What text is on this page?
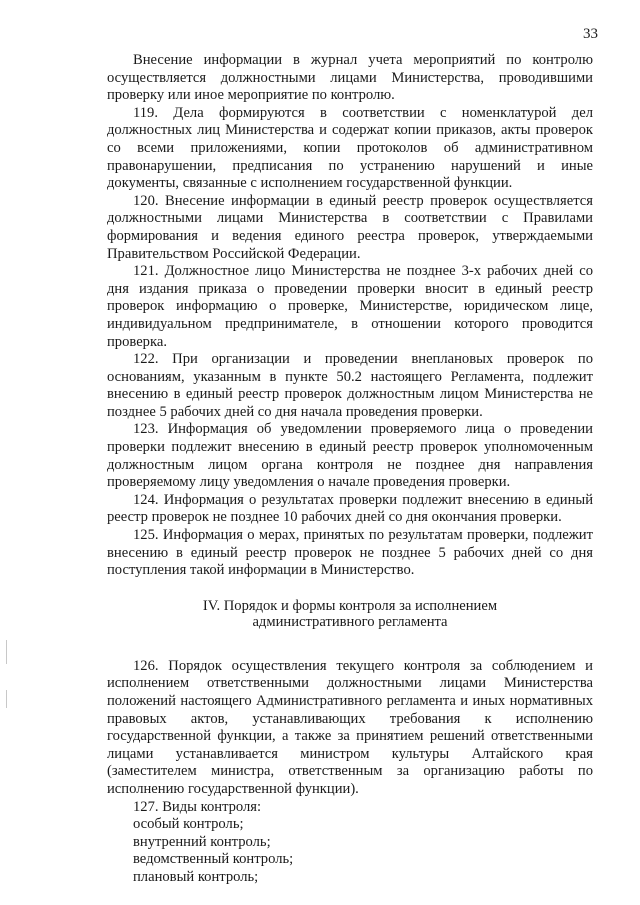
33

Внесение информации в журнал учета мероприятий по контролю осуществляется должностными лицами Министерства, проводившими проверку или иное мероприятие по контролю.

119. Дела формируются в соответствии с номенклатурой дел должностных лиц Министерства и содержат копии приказов, акты проверок со всеми приложениями, копии протоколов об административном правонарушении, предписания по устранению нарушений и иные документы, связанные с исполнением государственной функции.

120. Внесение информации в единый реестр проверок осуществляется должностными лицами Министерства в соответствии с Правилами формирования и ведения единого реестра проверок, утверждаемыми Правительством Российской Федерации.

121. Должностное лицо Министерства не позднее 3-х рабочих дней со дня издания приказа о проведении проверки вносит в единый реестр проверок информацию о проверке, Министерстве, юридическом лице, индивидуальном предпринимателе, в отношении которого проводится проверка.

122. При организации и проведении внеплановых проверок по основаниям, указанным в пункте 50.2 настоящего Регламента, подлежит внесению в единый реестр проверок должностным лицом Министерства не позднее 5 рабочих дней со дня начала проведения проверки.

123. Информация об уведомлении проверяемого лица о проведении проверки подлежит внесению в единый реестр проверок уполномоченным должностным лицом органа контроля не позднее дня направления проверяемому лицу уведомления о начале проведения проверки.

124. Информация о результатах проверки подлежит внесению в единый реестр проверок не позднее 10 рабочих дней со дня окончания проверки.

125. Информация о мерах, принятых по результатам проверки, подлежит внесению в единый реестр проверок не позднее 5 рабочих дней со дня поступления такой информации в Министерство.

IV. Порядок и формы контроля за исполнением
административного регламента

126. Порядок осуществления текущего контроля за соблюдением и исполнением ответственными должностными лицами Министерства положений настоящего Административного регламента и иных нормативных правовых актов, устанавливающих требования к исполнению государственной функции, а также за принятием решений ответственными лицами устанавливается министром культуры Алтайского края (заместителем министра, ответственным за организацию работы по исполнению государственной функции).

127. Виды контроля:

особый контроль;

внутренний контроль;

ведомственный контроль;

плановый контроль;
